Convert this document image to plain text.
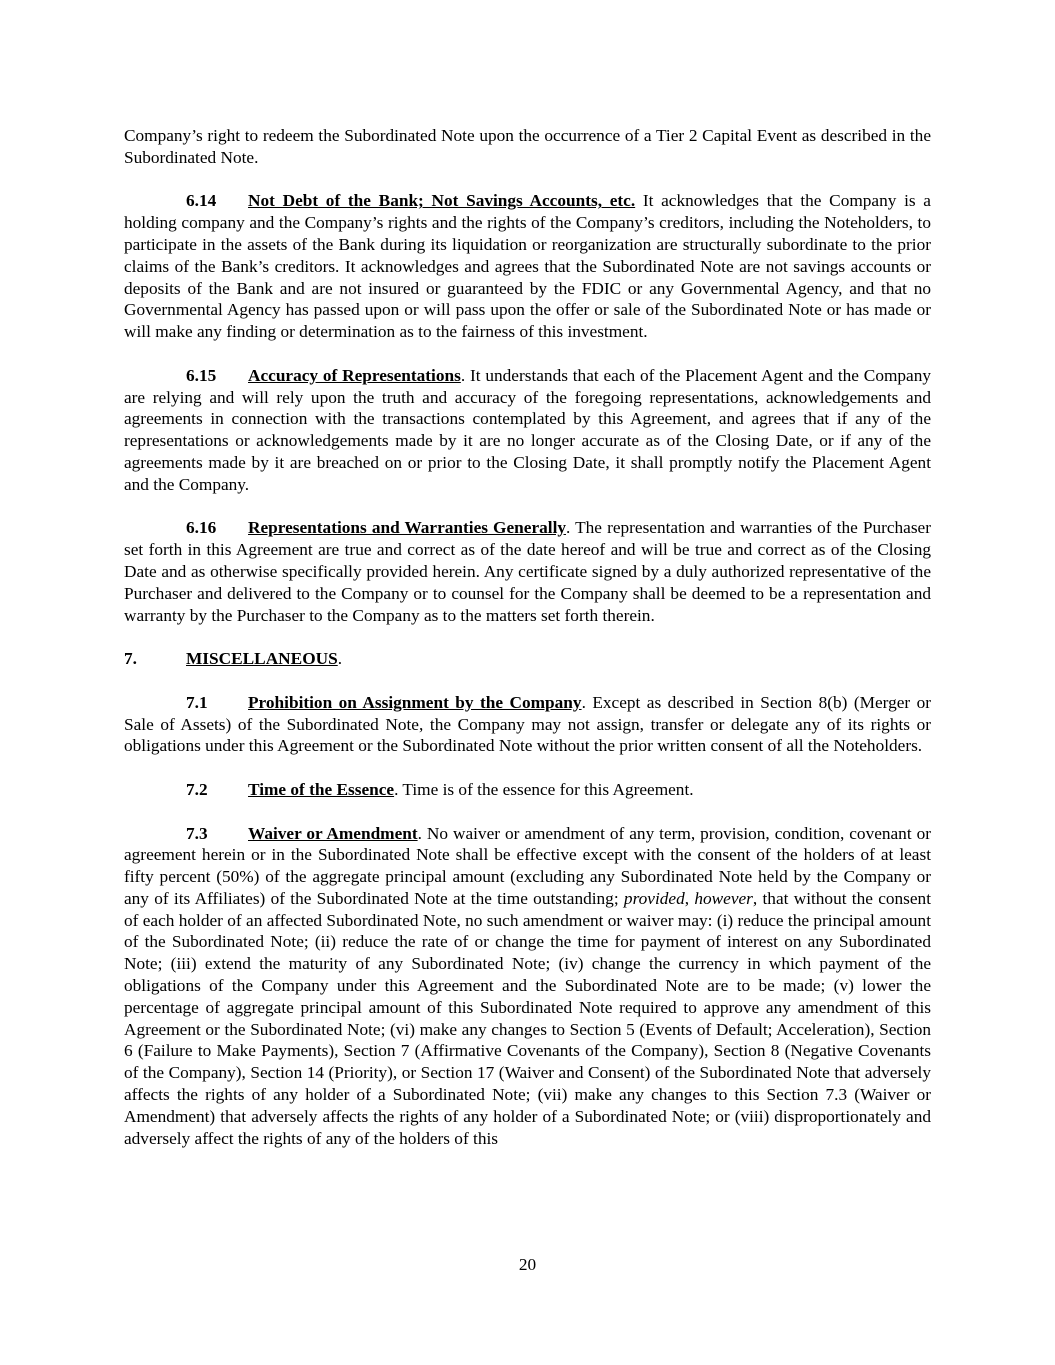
Company’s right to redeem the Subordinated Note upon the occurrence of a Tier 2 Capital Event as described in the Subordinated Note.

6.14 Not Debt of the Bank; Not Savings Accounts, etc. It acknowledges that the Company is a holding company and the Company’s rights and the rights of the Company’s creditors, including the Noteholders, to participate in the assets of the Bank during its liquidation or reorganization are structurally subordinate to the prior claims of the Bank’s creditors. It acknowledges and agrees that the Subordinated Note are not savings accounts or deposits of the Bank and are not insured or guaranteed by the FDIC or any Governmental Agency, and that no Governmental Agency has passed upon or will pass upon the offer or sale of the Subordinated Note or has made or will make any finding or determination as to the fairness of this investment.

6.15 Accuracy of Representations. It understands that each of the Placement Agent and the Company are relying and will rely upon the truth and accuracy of the foregoing representations, acknowledgements and agreements in connection with the transactions contemplated by this Agreement, and agrees that if any of the representations or acknowledgements made by it are no longer accurate as of the Closing Date, or if any of the agreements made by it are breached on or prior to the Closing Date, it shall promptly notify the Placement Agent and the Company.

6.16 Representations and Warranties Generally. The representation and warranties of the Purchaser set forth in this Agreement are true and correct as of the date hereof and will be true and correct as of the Closing Date and as otherwise specifically provided herein. Any certificate signed by a duly authorized representative of the Purchaser and delivered to the Company or to counsel for the Company shall be deemed to be a representation and warranty by the Purchaser to the Company as to the matters set forth therein.

7.	MISCELLANEOUS.

7.1 Prohibition on Assignment by the Company. Except as described in Section 8(b) (Merger or Sale of Assets) of the Subordinated Note, the Company may not assign, transfer or delegate any of its rights or obligations under this Agreement or the Subordinated Note without the prior written consent of all the Noteholders.

7.2 Time of the Essence. Time is of the essence for this Agreement.

7.3 Waiver or Amendment. No waiver or amendment of any term, provision, condition, covenant or agreement herein or in the Subordinated Note shall be effective except with the consent of the holders of at least fifty percent (50%) of the aggregate principal amount (excluding any Subordinated Note held by the Company or any of its Affiliates) of the Subordinated Note at the time outstanding; provided, however, that without the consent of each holder of an affected Subordinated Note, no such amendment or waiver may: (i) reduce the principal amount of the Subordinated Note; (ii) reduce the rate of or change the time for payment of interest on any Subordinated Note; (iii) extend the maturity of any Subordinated Note; (iv) change the currency in which payment of the obligations of the Company under this Agreement and the Subordinated Note are to be made; (v) lower the percentage of aggregate principal amount of this Subordinated Note required to approve any amendment of this Agreement or the Subordinated Note; (vi) make any changes to Section 5 (Events of Default; Acceleration), Section 6 (Failure to Make Payments), Section 7 (Affirmative Covenants of the Company), Section 8 (Negative Covenants of the Company), Section 14 (Priority), or Section 17 (Waiver and Consent) of the Subordinated Note that adversely affects the rights of any holder of a Subordinated Note; (vii) make any changes to this Section 7.3 (Waiver or Amendment) that adversely affects the rights of any holder of a Subordinated Note; or (viii) disproportionately and adversely affect the rights of any of the holders of this

20
